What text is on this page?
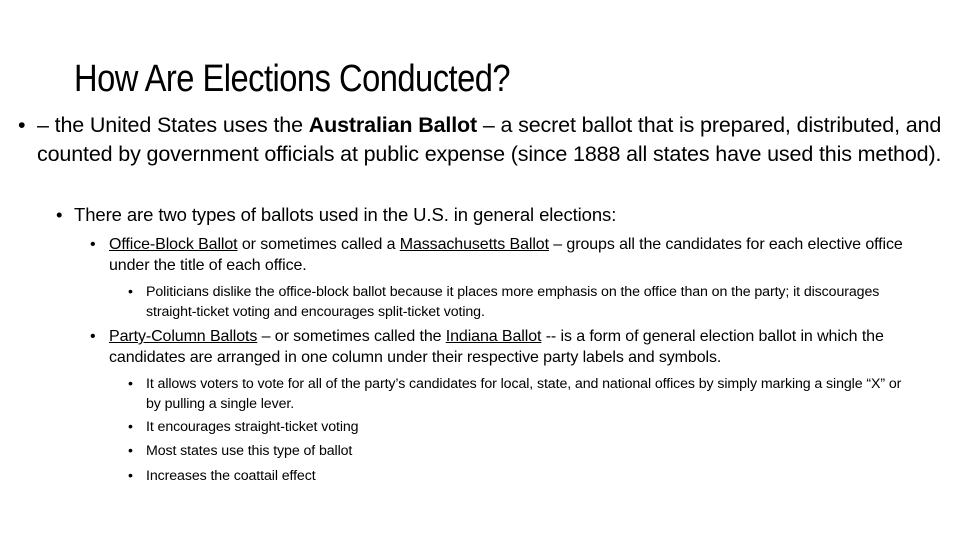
How Are Elections Conducted?
• – the United States uses the Australian Ballot – a secret ballot that is prepared, distributed, and counted by government officials at public expense (since 1888 all states have used this method).
• There are two types of ballots used in the U.S. in general elections:
• Office-Block Ballot or sometimes called a Massachusetts Ballot – groups all the candidates for each elective office under the title of each office.
• Politicians dislike the office-block ballot because it places more emphasis on the office than on the party; it discourages straight-ticket voting and encourages split-ticket voting.
• Party-Column Ballots – or sometimes called the Indiana Ballot -- is a form of general election ballot in which the candidates are arranged in one column under their respective party labels and symbols.
• It allows voters to vote for all of the party’s candidates for local, state, and national offices by simply marking a single “X” or by pulling a single lever.
• It encourages straight-ticket voting
• Most states use this type of ballot
• Increases the coattail effect
